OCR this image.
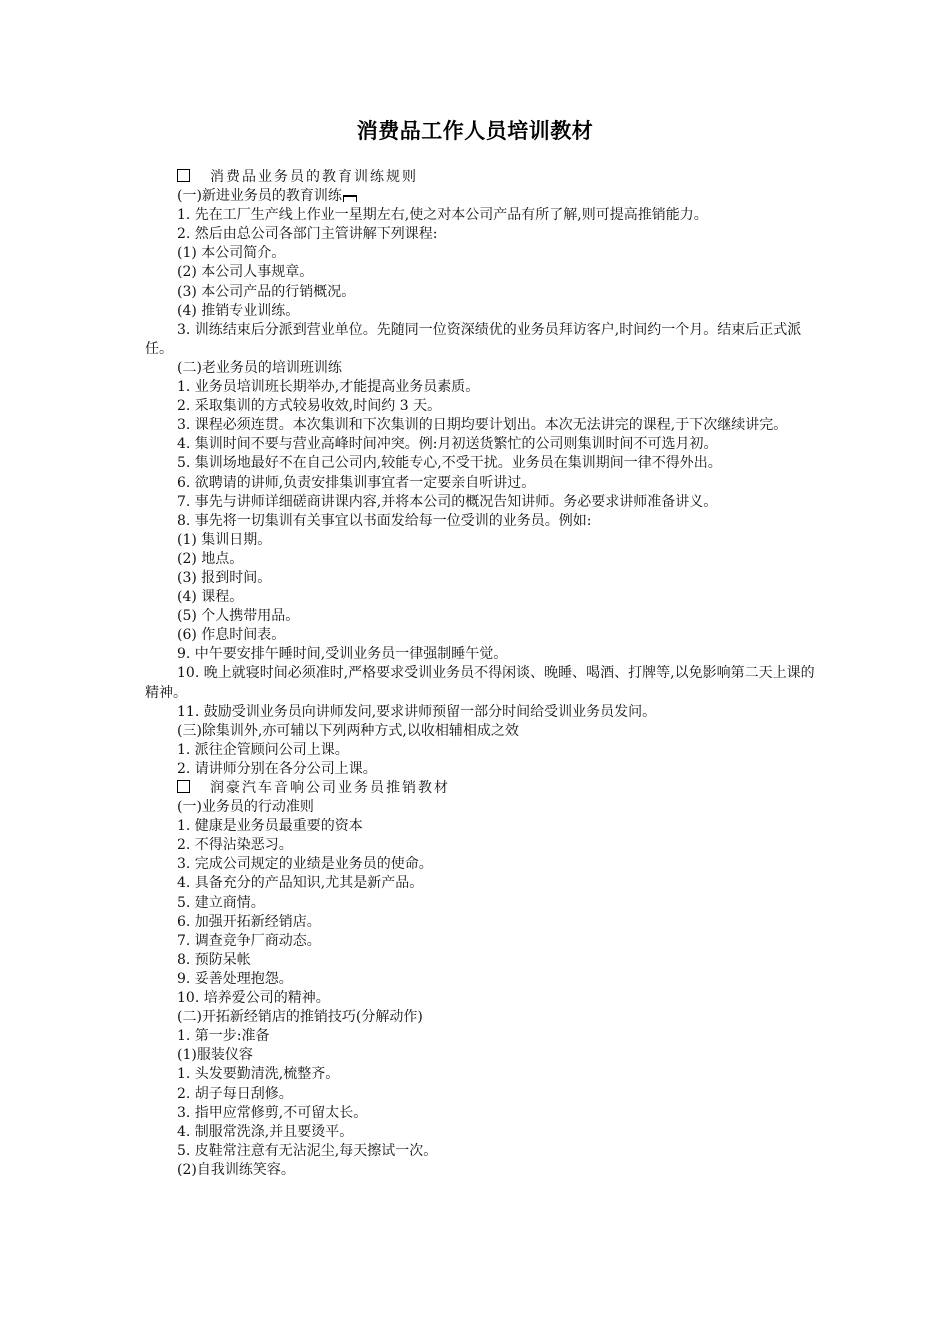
消费品工作人员培训教材

消费品业务员的教育训练规则

(一)新进业务员的教育训练

1. 先在工厂生产线上作业一星期左右,使之对本公司产品有所了解,则可提高推销能力。

2. 然后由总公司各部门主管讲解下列课程:

(1) 本公司简介。

(2) 本公司人事规章。

(3) 本公司产品的行销概况。

(4) 推销专业训练。

3. 训练结束后分派到营业单位。先随同一位资深绩优的业务员拜访客户,时间约一个月。结束后正式派任。

(二)老业务员的培训班训练

1. 业务员培训班长期举办,才能提高业务员素质。

2. 采取集训的方式较易收效,时间约 3 天。

3. 课程必须连贯。本次集训和下次集训的日期均要计划出。本次无法讲完的课程,于下次继续讲完。

4. 集训时间不要与营业高峰时间冲突。例:月初送货繁忙的公司则集训时间不可选月初。

5. 集训场地最好不在自己公司内,较能专心,不受干扰。业务员在集训期间一律不得外出。

6. 欲聘请的讲师,负责安排集训事宜者一定要亲自听讲过。

7. 事先与讲师详细磋商讲课内容,并将本公司的概况告知讲师。务必要求讲师准备讲义。

8. 事先将一切集训有关事宜以书面发给每一位受训的业务员。例如:

(1) 集训日期。

(2) 地点。

(3) 报到时间。

(4) 课程。

(5) 个人携带用品。

(6) 作息时间表。

9. 中午要安排午睡时间,受训业务员一律强制睡午觉。

10. 晚上就寝时间必须准时,严格要求受训业务员不得闲谈、晚睡、喝酒、打牌等,以免影响第二天上课的精神。

11. 鼓励受训业务员向讲师发问,要求讲师预留一部分时间给受训业务员发问。

(三)除集训外,亦可辅以下列两种方式,以收相辅相成之效

1. 派往企管顾问公司上课。

2. 请讲师分别在各分公司上课。

润豪汽车音响公司业务员推销教材

(一)业务员的行动准则

1. 健康是业务员最重要的资本

2. 不得沾染恶习。

3. 完成公司规定的业绩是业务员的使命。

4. 具备充分的产品知识,尤其是新产品。

5. 建立商情。

6. 加强开拓新经销店。

7. 调查竞争厂商动态。

8. 预防呆帐

9. 妥善处理抱怨。

10. 培养爱公司的精神。

(二)开拓新经销店的推销技巧(分解动作)

1. 第一步:准备

(1)服装仪容

1. 头发要勤清洗,梳整齐。

2. 胡子每日刮修。

3. 指甲应常修剪,不可留太长。

4. 制服常洗涤,并且要烫平。

5. 皮鞋常注意有无沾泥尘,每天擦试一次。

(2)自我训练笑容。
